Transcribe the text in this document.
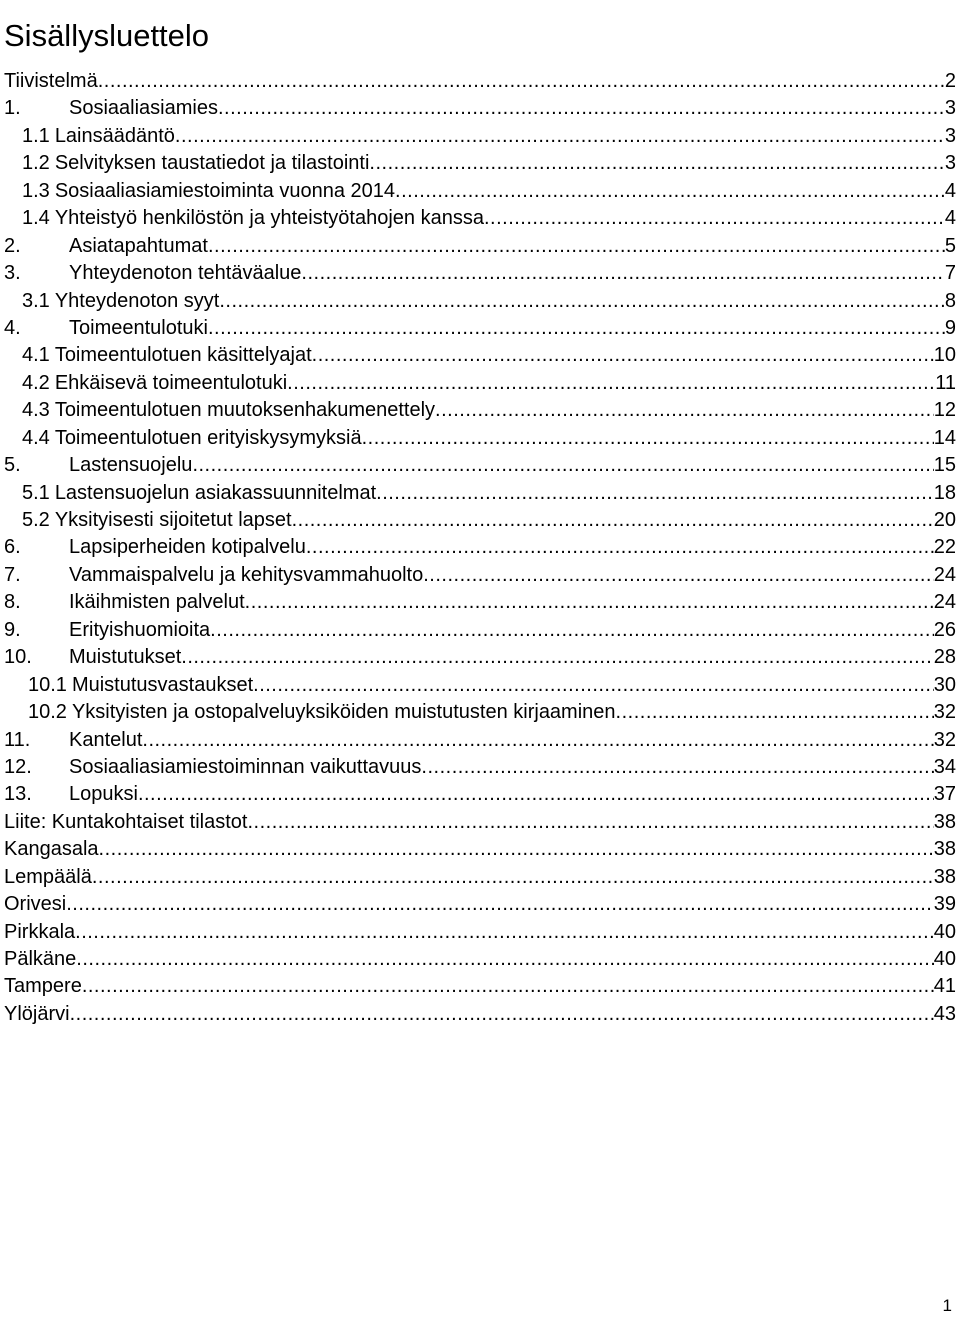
Sisällysluettelo
Tiivistelmä .....	2
1.	Sosiaaliasiamies .....	3
1.1 Lainsäädäntö .....	3
1.2 Selvityksen taustatiedot ja tilastointi .....	3
1.3 Sosiaaliasiamiestoiminta vuonna 2014 .....	4
1.4 Yhteistyö henkilöstön ja yhteistyötahojen kanssa .....	4
2.	Asiatapahtumat .....	5
3.	Yhteydenoton tehtäväalue .....	7
3.1 Yhteydenoton syyt .....	8
4.	Toimeentulotuki .....	9
4.1 Toimeentulotuen käsittelyajat .....	10
4.2 Ehkäisevä toimeentulotuki .....	11
4.3 Toimeentulotuen muutoksenhakumenettely .....	12
4.4 Toimeentulotuen erityiskysymyksiä .....	14
5.	Lastensuojelu .....	15
5.1 Lastensuojelun asiakassuunnitelmat .....	18
5.2 Yksityisesti sijoitetut lapset .....	20
6.	Lapsiperheiden kotipalvelu .....	22
7.	Vammaispalvelu ja kehitysvammahuolto .....	24
8.	Ikäihmisten palvelut .....	24
9.	Erityishuomioita .....	26
10.	Muistutukset .....	28
10.1 Muistutusvastaukset .....	30
10.2 Yksityisten ja ostopalveluyksiköiden muistutusten kirjaaminen .....	32
11.	Kantelut .....	32
12.	Sosiaaliasiamiestoiminnan vaikuttavuus .....	34
13.	Lopuksi .....	37
Liite: Kuntakohtaiset tilastot .....	38
Kangasala .....	38
Lempäälä .....	38
Orivesi .....	39
Pirkkala .....	40
Pälkäne .....	40
Tampere .....	41
Ylöjärvi .....	43
1
